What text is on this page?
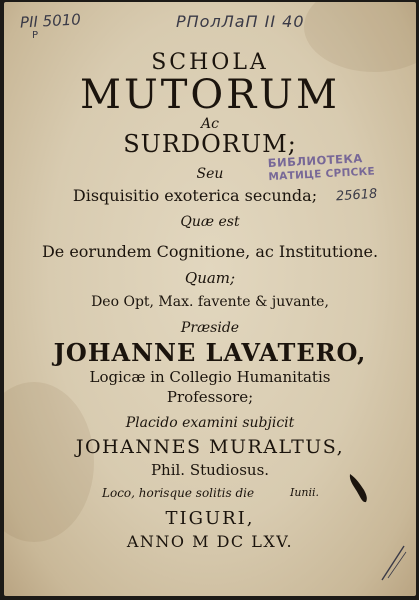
PII 5010
P
РПолЛаП II 40
SCHOLA
MUTORUM
Ac
SURDORUM;
Seu
Disquisitio exoterica secunda;
Quæ est
De eorundem Cognitione, ac Institutione.
Quam;
Deo Opt, Max. favente & juvante,
Præside
JOHANNE LAVATERO,
Logicæ in Collegio Humanitatis
Professore;
Placido examini subjicit
JOHANNES MURALTUS,
Phil. Studiosus.
Loco, horisque solitis die	Iunii.
TIGURI,
ANNO M DC LXV.
БИБЛИОТЕКА
МАТИЦЕ СРПСКЕ
25618
